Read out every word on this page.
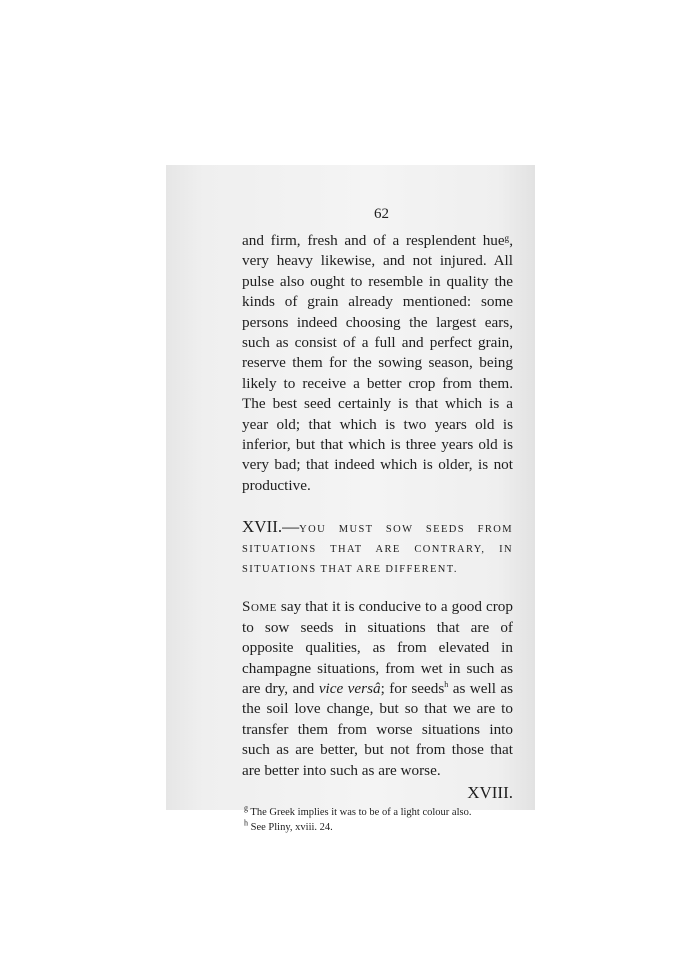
62

and firm, fresh and of a resplendent hueᵍ, very heavy likewise, and not injured. All pulse also ought to resemble in quality the kinds of grain already mentioned: some persons indeed choosing the largest ears, such as consist of a full and perfect grain, reserve them for the sowing season, being likely to receive a better crop from them. The best seed certainly is that which is a year old; that which is two years old is inferior, but that which is three years old is very bad; that indeed which is older, is not productive.

XVII.—YOU MUST SOW SEEDS FROM SITUATIONS THAT ARE CONTRARY, IN SITUATIONS THAT ARE DIFFERENT.

Some say that it is conducive to a good crop to sow seeds in situations that are of opposite qualities, as from elevated in champagne situations, from wet in such as are dry, and vice versâ; for seeds$^h$ as well as the soil love change, but so that we are to transfer them from worse situations into such as are better, but not from those that are better into such as are worse.

XVIII.
$^g$ The Greek implies it was to be of a light colour also.
$^h$ See Pliny, xviii. 24.
